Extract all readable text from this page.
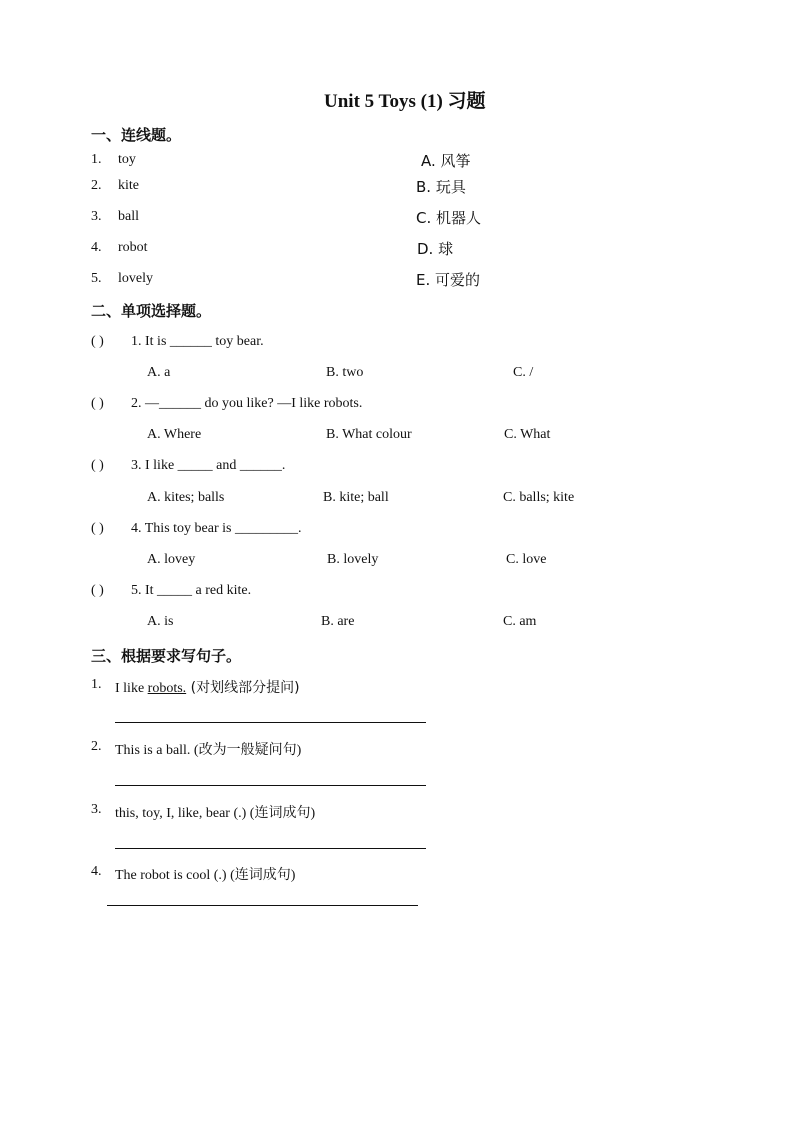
Unit 5 Toys (1) 习题
一、连线题。
1. toy	A. 风筝
2. kite	B. 玩具
3. ball	C. 机器人
4. robot	D. 球
5. lovely	E. 可爱的
二、单项选择题。
( ) 1. It is ______ toy bear.
A. a	B. two	C. /
( ) 2. —______ do you like? —I like robots.
A. Where	B. What colour	C. What
( ) 3. I like _____ and ______.
A. kites; balls	B. kite; ball	C. balls; kite
( ) 4. This toy bear is _________.
A. lovey	B. lovely	C. love
( ) 5. It _____ a red kite.
A. is	B. are	C. am
三、根据要求写句子。
1. I like robots. (对划线部分提问)
2. This is a ball. (改为一般疑问句)
3. this, toy, I, like, bear (.) (连词成句)
4. The robot is cool (.) (连词成句)
